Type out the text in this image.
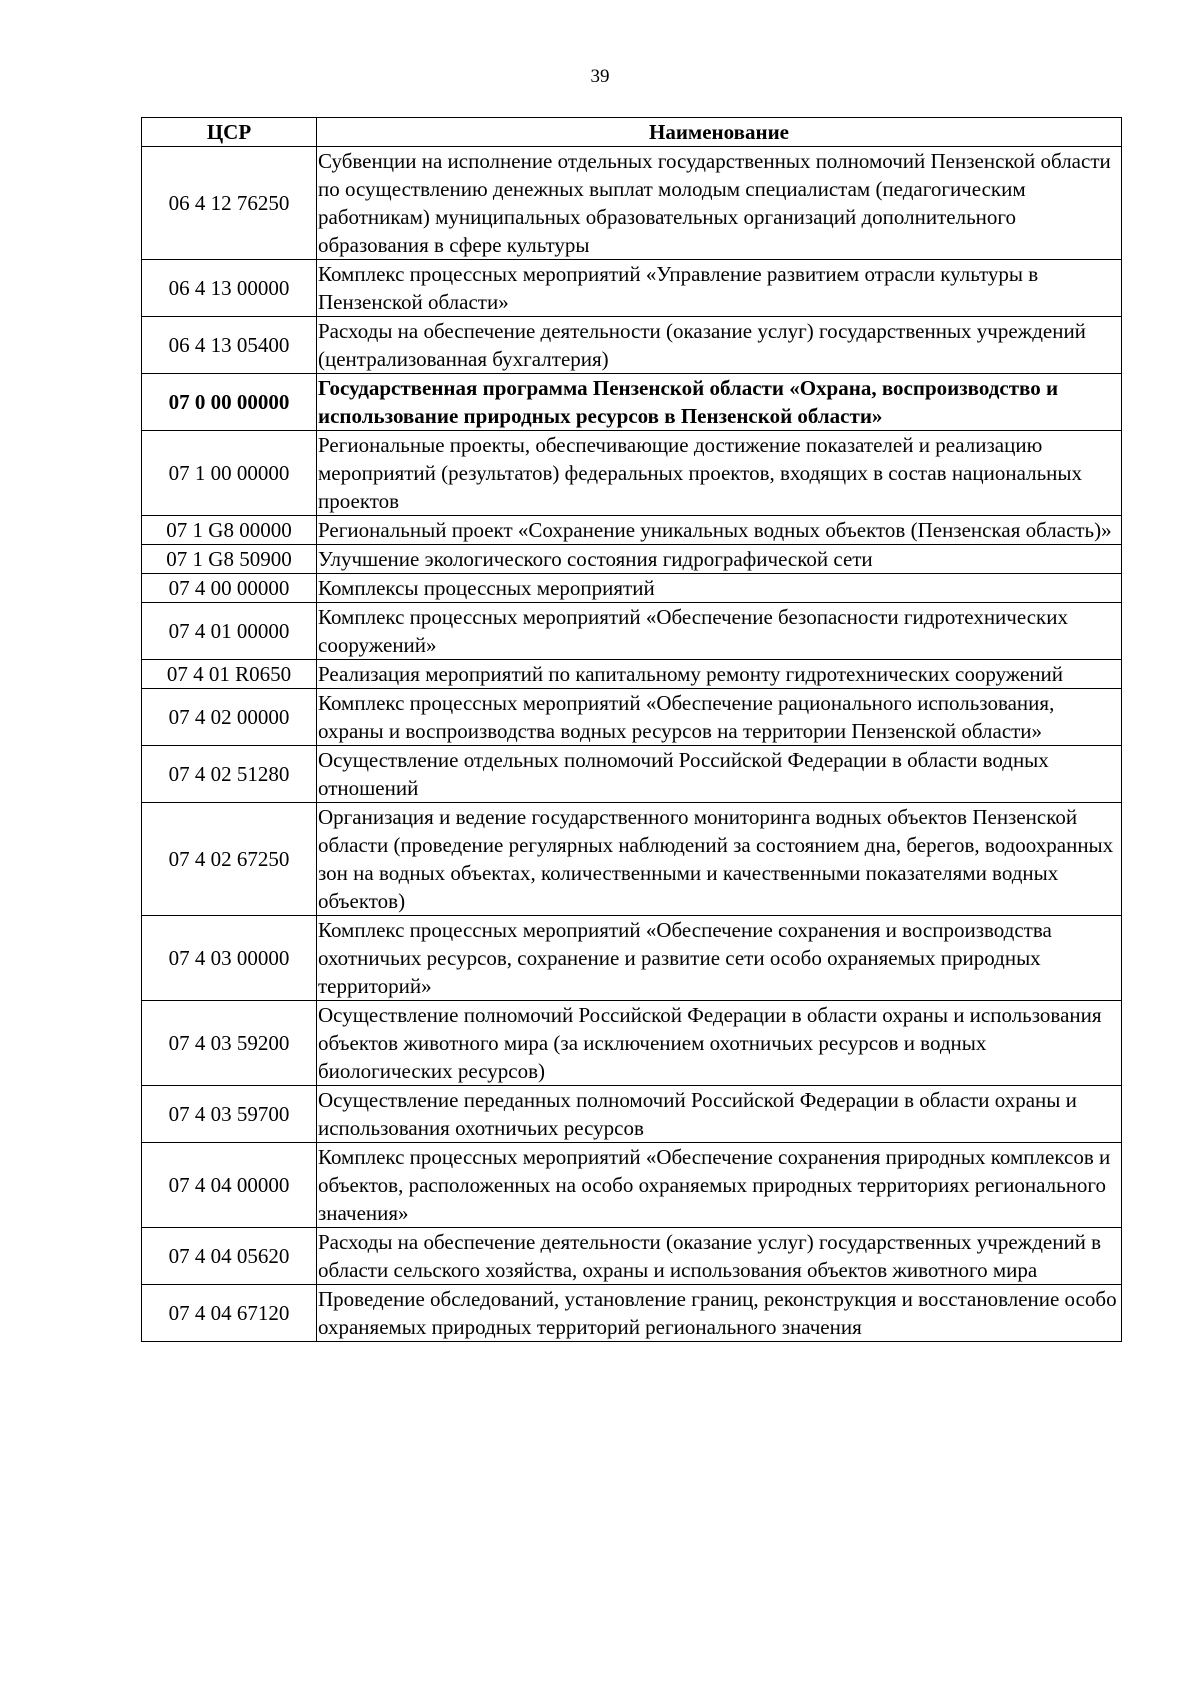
39
ЦСР	Наименование
06 4 12 76250	Субвенции на исполнение отдельных государственных полномочий Пензенской области по осуществлению денежных выплат молодым специалистам (педагогическим работникам) муниципальных образовательных организаций дополнительного образования в сфере культуры
06 4 13 00000	Комплекс процессных мероприятий «Управление развитием отрасли культуры в Пензенской области»
06 4 13 05400	Расходы на обеспечение деятельности (оказание услуг) государственных учреждений (централизованная бухгалтерия)
07 0 00 00000	Государственная программа Пензенской области «Охрана, воспроизводство и использование природных ресурсов в Пензенской области»
07 1 00 00000	Региональные проекты, обеспечивающие достижение показателей и реализацию мероприятий (результатов) федеральных проектов, входящих в состав национальных проектов
07 1 G8 00000	Региональный проект «Сохранение уникальных водных объектов (Пензенская область)»
07 1 G8 50900	Улучшение экологического состояния гидрографической сети
07 4 00 00000	Комплексы процессных мероприятий
07 4 01 00000	Комплекс процессных мероприятий «Обеспечение безопасности гидротехнических сооружений»
07 4 01 R0650	Реализация мероприятий по капитальному ремонту гидротехнических сооружений
07 4 02 00000	Комплекс процессных мероприятий «Обеспечение рационального использования, охраны и воспроизводства водных ресурсов на территории Пензенской области»
07 4 02 51280	Осуществление отдельных полномочий Российской Федерации в области водных отношений
07 4 02 67250	Организация и ведение государственного мониторинга водных объектов Пензенской области (проведение регулярных наблюдений за состоянием дна, берегов, водоохранных зон на водных объектах, количественными и качественными показателями водных объектов)
07 4 03 00000	Комплекс процессных мероприятий «Обеспечение сохранения и воспроизводства охотничьих ресурсов, сохранение и развитие сети особо охраняемых природных территорий»
07 4 03 59200	Осуществление полномочий Российской Федерации в области охраны и использования объектов животного мира (за исключением охотничьих ресурсов и водных биологических ресурсов)
07 4 03 59700	Осуществление переданных полномочий Российской Федерации в области охраны и использования охотничьих ресурсов
07 4 04 00000	Комплекс процессных мероприятий «Обеспечение сохранения природных комплексов и объектов, расположенных на особо охраняемых природных территориях регионального значения»
07 4 04 05620	Расходы на обеспечение деятельности (оказание услуг) государственных учреждений в области сельского хозяйства, охраны и использования объектов животного мира
07 4 04 67120	Проведение обследований, установление границ, реконструкция и восстановление особо охраняемых природных территорий регионального значения
